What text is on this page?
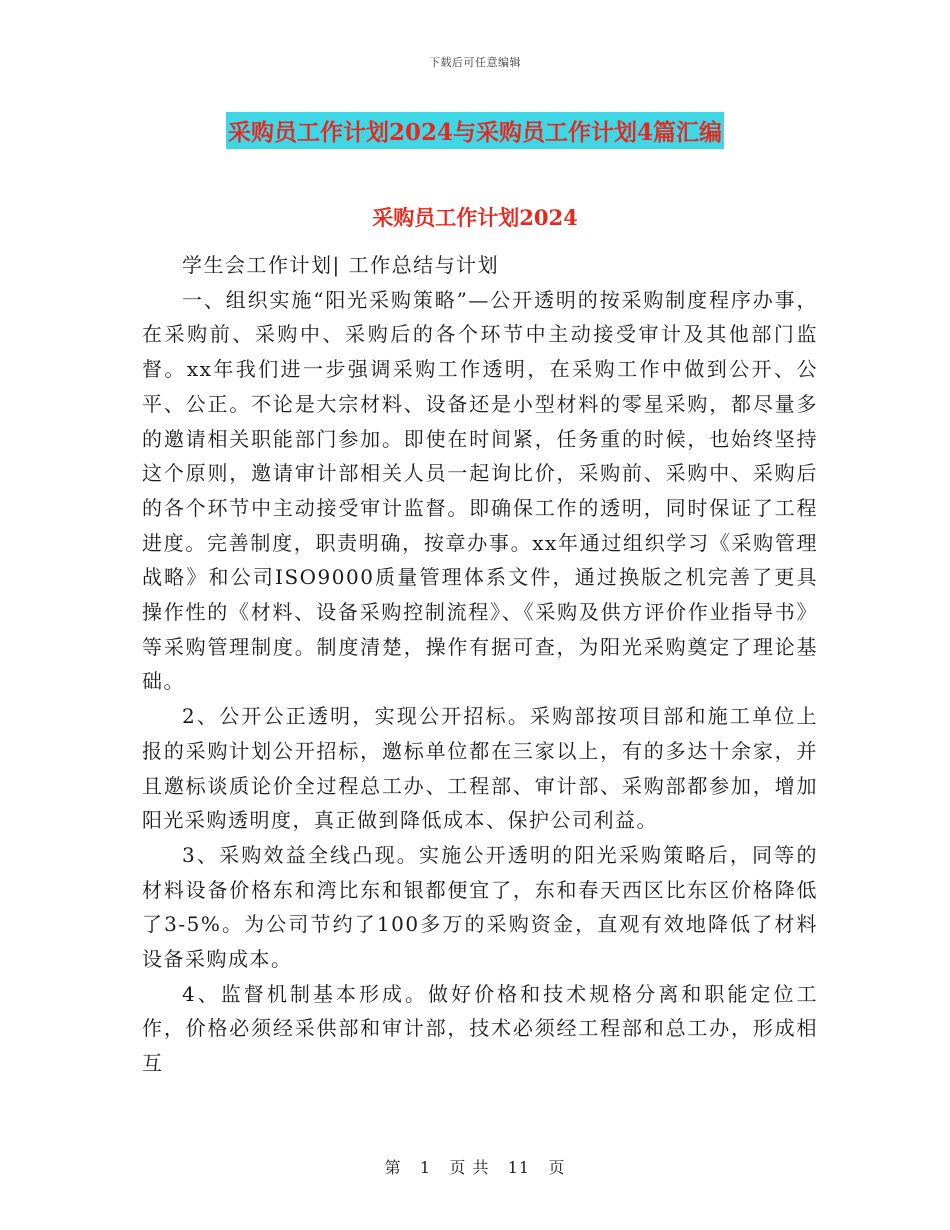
下载后可任意编辑
采购员工作计划2024与采购员工作计划4篇汇编
采购员工作计划2024

学生会工作计划| 工作总结与计划

一、组织实施“阳光采购策略”—公开透明的按采购制度程序办事，在采购前、采购中、采购后的各个环节中主动接受审计及其他部门监督。xx年我们进一步强调采购工作透明，在采购工作中做到公开、公平、公正。不论是大宗材料、设备还是小型材料的零星采购，都尽量多的邀请相关职能部门参加。即使在时间紧，任务重的时候，也始终坚持这个原则，邀请审计部相关人员一起询比价，采购前、采购中、采购后的各个环节中主动接受审计监督。即确保工作的透明，同时保证了工程进度。完善制度，职责明确，按章办事。xx年通过组织学习《采购管理战略》和公司ISO9000质量管理体系文件，通过换版之机完善了更具操作性的《材料、设备采购控制流程》、《采购及供方评价作业指导书》等采购管理制度。制度清楚，操作有据可查，为阳光采购奠定了理论基础。

2、公开公正透明，实现公开招标。采购部按项目部和施工单位上报的采购计划公开招标，邀标单位都在三家以上，有的多达十余家，并且邀标谈质论价全过程总工办、工程部、审计部、采购部都参加，增加阳光采购透明度，真正做到降低成本、保护公司利益。

3、采购效益全线凸现。实施公开透明的阳光采购策略后，同等的材料设备价格东和湾比东和银都便宜了，东和春天西区比东区价格降低了3-5%。为公司节约了100多万的采购资金，直观有效地降低了材料设备采购成本。

4、监督机制基本形成。做好价格和技术规格分离和职能定位工作，价格必须经采供部和审计部，技术必须经工程部和总工办，形成相互

第 1 页 共 11 页
